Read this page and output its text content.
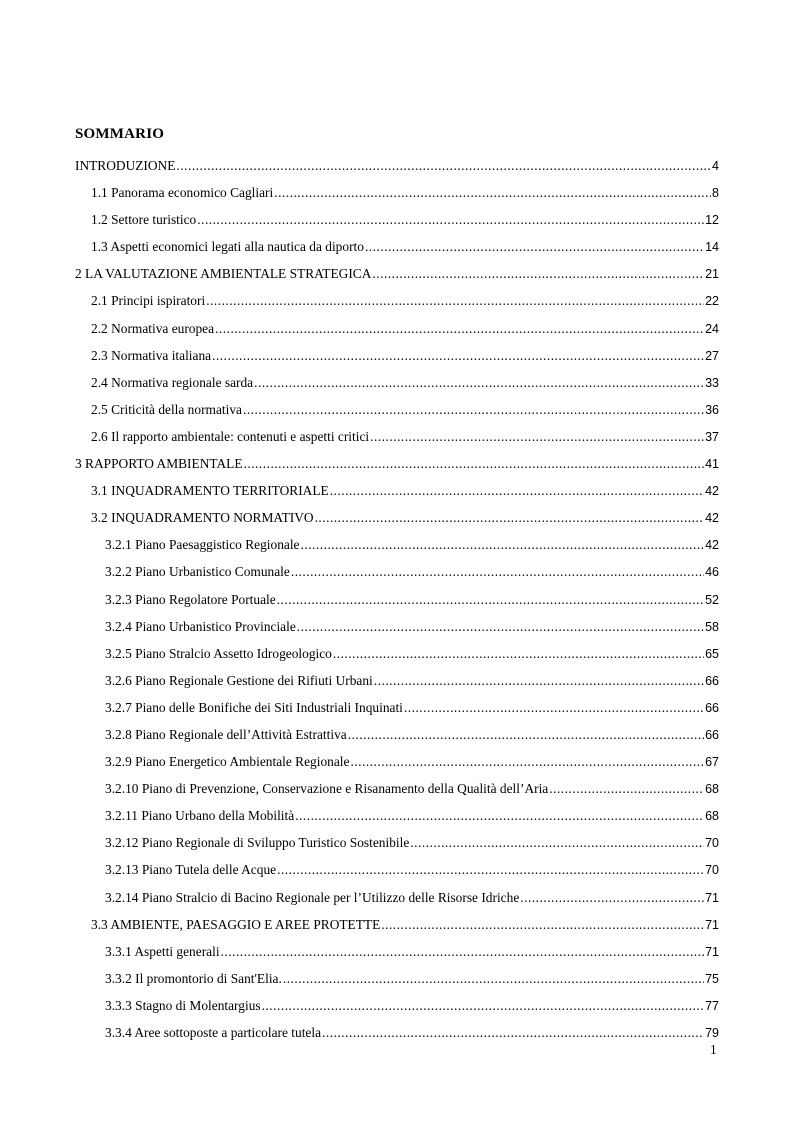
SOMMARIO
INTRODUZIONE .....	4
1.1 Panorama economico Cagliari .....	8
1.2 Settore turistico .....	12
1.3 Aspetti economici legati alla nautica da diporto .....	14
2 LA VALUTAZIONE AMBIENTALE STRATEGICA .....	21
2.1 Principi ispiratori .....	22
2.2 Normativa europea .....	24
2.3 Normativa italiana .....	27
2.4 Normativa regionale sarda .....	33
2.5 Criticità della normativa .....	36
2.6 Il rapporto ambientale: contenuti e aspetti critici .....	37
3 RAPPORTO AMBIENTALE .....	41
3.1 INQUADRAMENTO TERRITORIALE .....	42
3.2 INQUADRAMENTO NORMATIVO .....	42
3.2.1 Piano Paesaggistico Regionale .....	42
3.2.2 Piano Urbanistico Comunale .....	46
3.2.3 Piano Regolatore Portuale .....	52
3.2.4 Piano Urbanistico Provinciale .....	58
3.2.5 Piano Stralcio Assetto Idrogeologico .....	65
3.2.6 Piano Regionale Gestione dei Rifiuti Urbani .....	66
3.2.7 Piano delle Bonifiche dei Siti Industriali Inquinati .....	66
3.2.8 Piano Regionale dell’Attività Estrattiva .....	66
3.2.9 Piano Energetico Ambientale Regionale .....	67
3.2.10 Piano di Prevenzione, Conservazione e Risanamento della Qualità dell’Aria .....	68
3.2.11 Piano Urbano della Mobilità .....	68
3.2.12 Piano Regionale di Sviluppo Turistico Sostenibile .....	70
3.2.13 Piano Tutela delle Acque .....	70
3.2.14 Piano Stralcio di Bacino Regionale per l’Utilizzo delle Risorse Idriche .....	71
3.3 AMBIENTE, PAESAGGIO E AREE PROTETTE .....	71
3.3.1 Aspetti generali .....	71
3.3.2 Il promontorio di Sant'Elia. .....	75
3.3.3 Stagno di Molentargius .....	77
3.3.4 Aree sottoposte a particolare tutela .....	79
1
